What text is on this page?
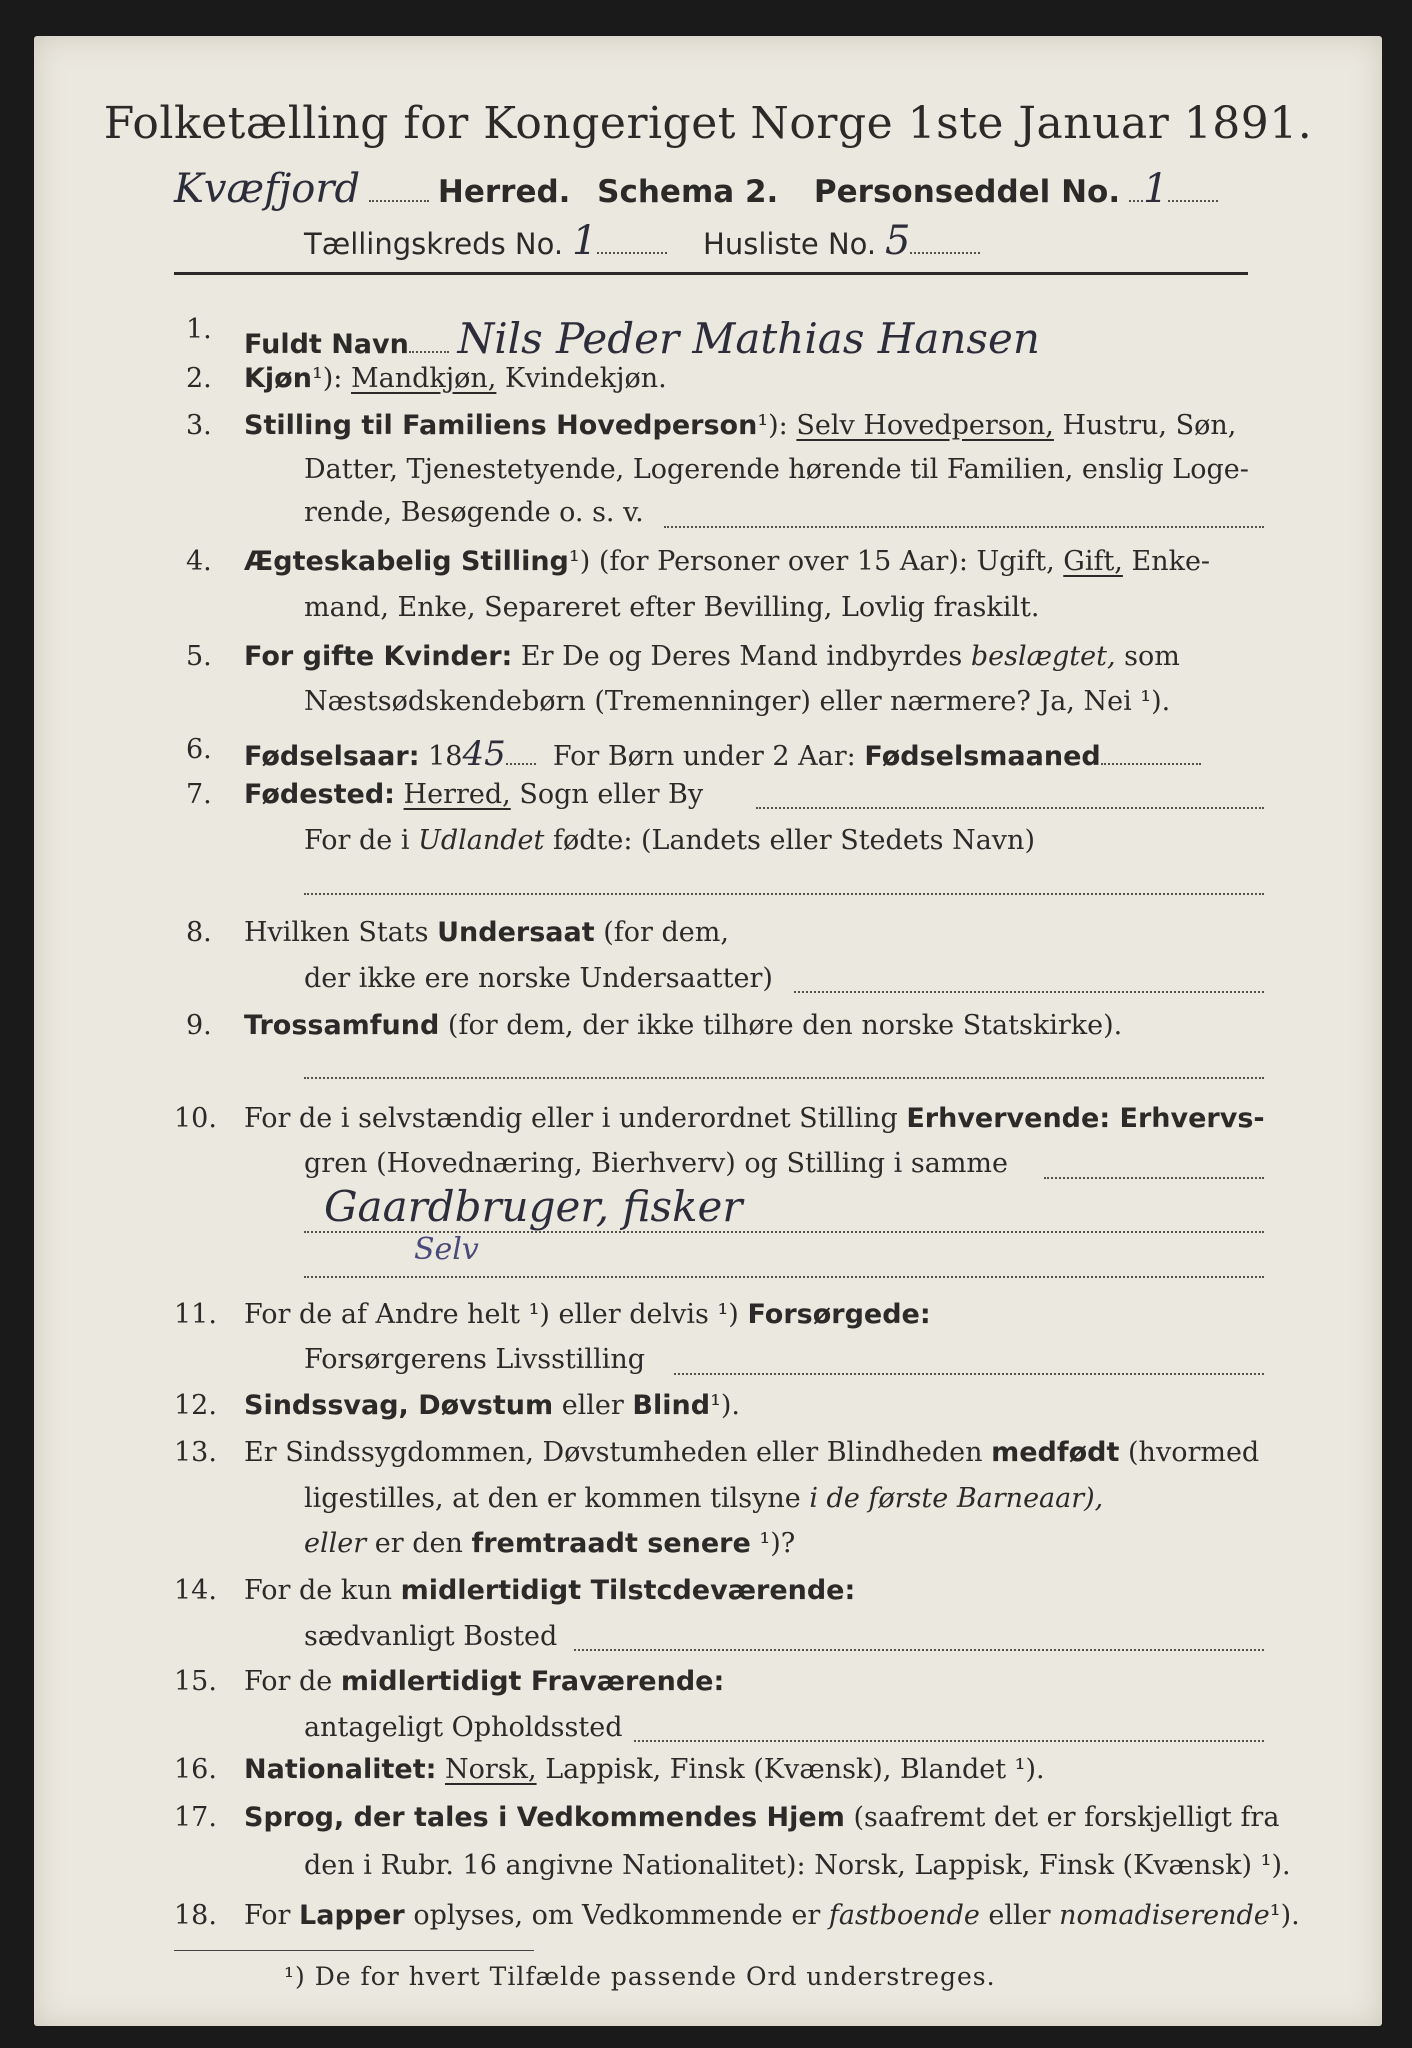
Folketælling for Kongeriget Norge 1ste Januar 1891.
Kvæfjord	Herred. Schema 2. Personseddel No. 1
Tællingskreds No. 1	Husliste No. 5
1. Fuldt Navn Nils Peder Mathias Hansen
2. Kjøn¹): Mandkjøn, Kvindekjøn.
3. Stilling til Familiens Hovedperson¹): Selv Hovedperson, Hustru, Søn,
Datter, Tjenestetyende, Logerende hørende til Familien, enslig Loge-
rende, Besøgende o. s. v.
4. Ægteskabelig Stilling¹) (for Personer over 15 Aar): Ugift, Gift, Enke-
mand, Enke, Separeret efter Bevilling, Lovlig fraskilt.
5. For gifte Kvinder: Er De og Deres Mand indbyrdes beslægtet, som
Næstsødskendebørn (Tremenninger) eller nærmere? Ja, Nei ¹).
6. Fødselsaar: 1845 For Børn under 2 Aar: Fødselsmaaned
7. Fødested: Herred, Sogn eller By
For de i Udlandet fødte: (Landets eller Stedets Navn)
8. Hvilken Stats Undersaat (for dem,
der ikke ere norske Undersaatter)
9. Trossamfund (for dem, der ikke tilhøre den norske Statskirke).
10. For de i selvstændig eller i underordnet Stilling Erhvervende: Erhvervs-
gren (Hovednæring, Bierhverv) og Stilling i samme
Gaardbruger, fisker
Selv
11. For de af Andre helt ¹) eller delvis ¹) Forsørgede:
Forsørgerens Livsstilling
12. Sindssvag, Døvstum eller Blind¹).
13. Er Sindssygdommen, Døvstumheden eller Blindheden medfødt (hvormed
ligestilles, at den er kommen tilsyne i de første Barneaar),
eller er den fremtraadt senere ¹)?
14. For de kun midlertidigt Tilstcdeværende:
sædvanligt Bosted
15. For de midlertidigt Fraværende:
antageligt Opholdssted
16. Nationalitet: Norsk, Lappisk, Finsk (Kvænsk), Blandet ¹).
17. Sprog, der tales i Vedkommendes Hjem (saafremt det er forskjelligt fra
den i Rubr. 16 angivne Nationalitet): Norsk, Lappisk, Finsk (Kvænsk) ¹).
18. For Lapper oplyses, om Vedkommende er fastboende eller nomadiserende¹).
¹) De for hvert Tilfælde passende Ord understreges.
